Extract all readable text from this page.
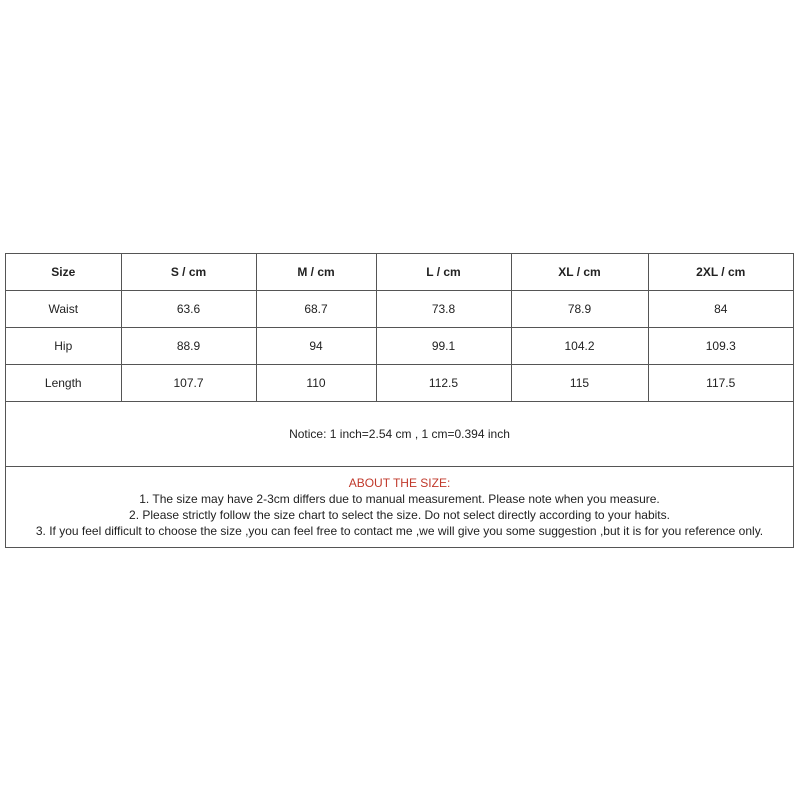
Size	S / cm	M / cm	L / cm	XL / cm	2XL / cm
Waist	63.6	68.7	73.8	78.9	84
Hip	88.9	94	99.1	104.2	109.3
Length	107.7	110	112.5	115	117.5
Notice: 1 inch=2.54 cm , 1 cm=0.394 inch
ABOUT THE SIZE:
1. The size may have 2-3cm differs due to manual measurement. Please note when you measure.
2. Please strictly follow the size chart to select the size. Do not select directly according to your habits.
3. If you feel difficult to choose the size ,you can feel free to contact me ,we will give you some suggestion ,but it is for you reference only.
